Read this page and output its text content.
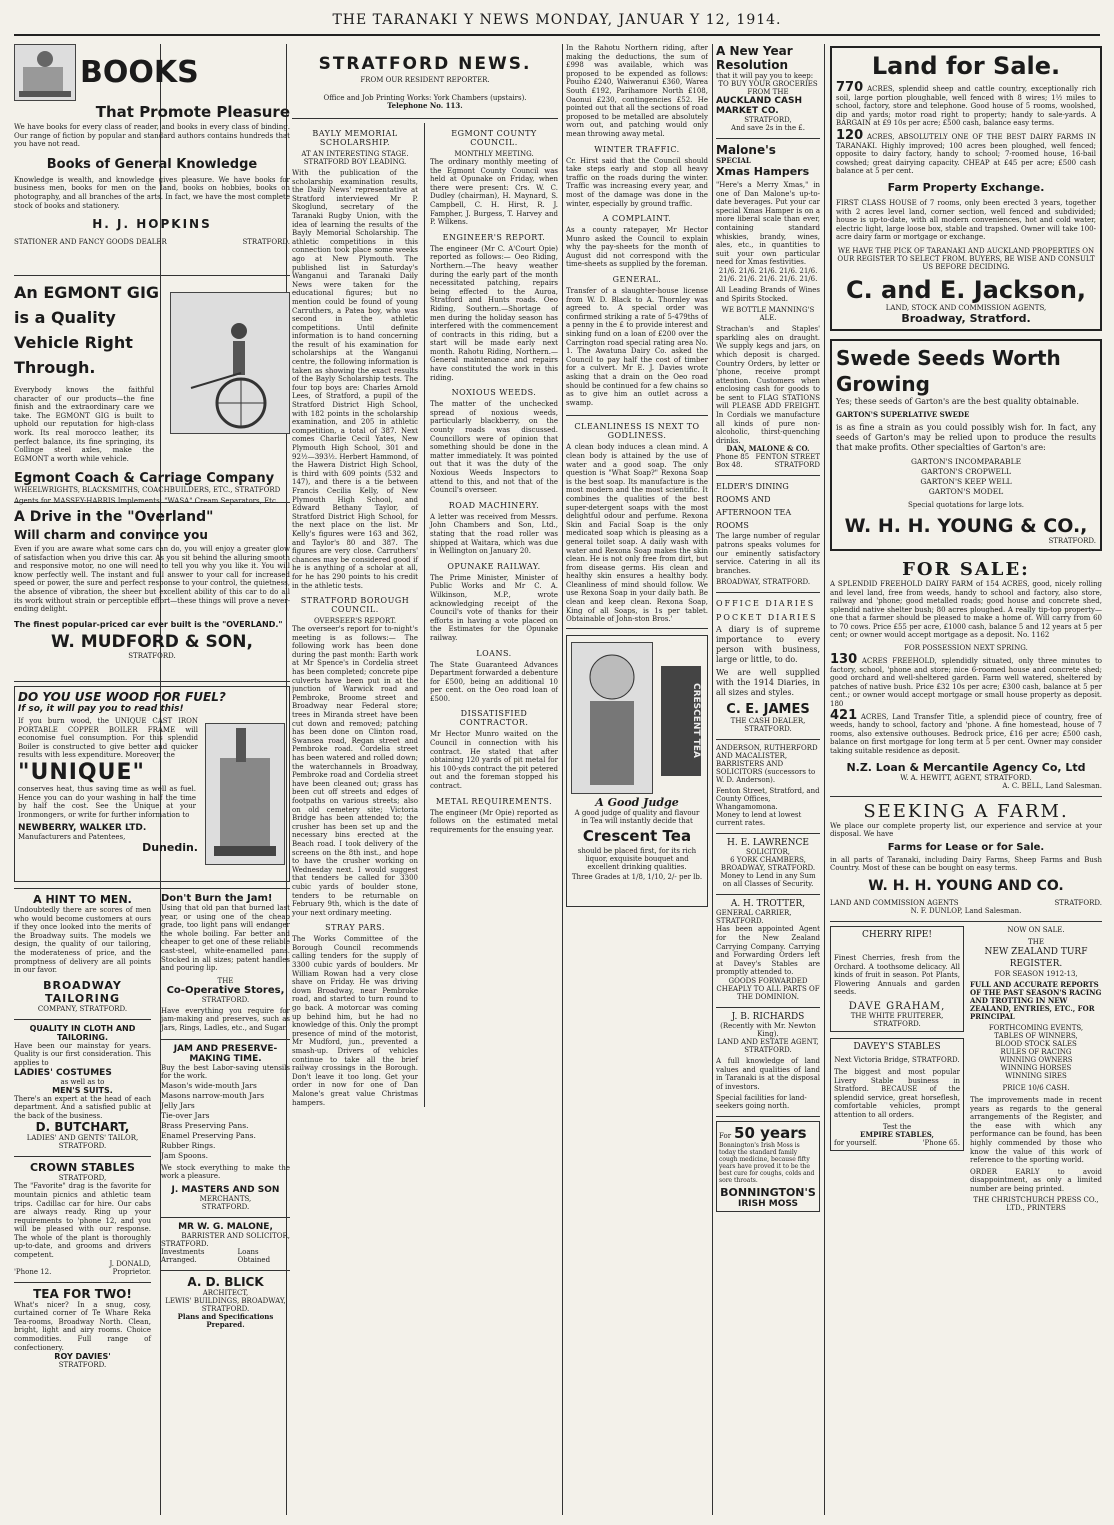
THE TARANAKI Y NEWS MONDAY, JANUAR Y 12, 1914.
BOOKS
That Promote Pleasure
We have books for every class of reader, and books in every class of binding. Our range of fiction by popular and standard authors contains hundreds that you have not read.
Books of General Knowledge
Knowledge is wealth, and knowledge gives pleasure. We have books for business men, books for men on the land, books on hobbies, books on photography, and all branches of the arts. In fact, we have the most complete stock of books and stationery.
H. J. HOPKINS
STATIONER AND FANCY GOODS DEALER	STRATFORD.
An EGMONT GIG is a Quality Vehicle Right Through.
Everybody knows the faithful character of our products—the fine finish and the extraordinary care we take. The EGMONT GIG is built to uphold our reputation for high-class work. Its real morocco leather, its perfect balance, its fine springing, its Collinge steel axles, make the EGMONT a worth while vehicle.
Egmont Coach & Carriage Company
WHEELWRIGHTS, BLACKSMITHS, COACHBUILDERS, ETC., STRATFORD
Agents for MASSEY-HARRIS Implements; "WASA" Cream Separators, Etc.
A Drive in the "Overland"
Will charm and convince you
Even if you are aware what some cars can do, you will enjoy a greater glow of satisfaction when you drive this car. As you sit behind the alluring smooth and responsive motor, no one will need to tell you why you like it. You will know perfectly well. The instant and full answer to your call for increased speed or power, the sure and perfect response to your control, the quietness, the absence of vibration, the sheer but excellent ability of this car to do all its work without strain or perceptible effort—these things will prove a never-ending delight.
The finest popular-priced car ever built is the "OVERLAND."
W. MUDFORD & SON,
STRATFORD.
DO YOU USE WOOD FOR FUEL?
If so, it will pay you to read this!
If you burn wood, the UNIQUE CAST IRON PORTABLE COPPER BOILER FRAME will economise fuel consumption. For this splendid Boiler is constructed to give better and quicker results with less expenditure. Moreover, the
"UNIQUE"
conserves heat, thus saving time as well as fuel. Hence you can do your washing in half the time by half the cost. See the Unique at your Ironmongers, or write for further information to
NEWBERRY, WALKER LTD.
Manufacturers and Patentees,
Dunedin.
A HINT TO MEN.
Undoubtedly there are scores of men who would become customers at ours if they once looked into the merits of the Broadway suits. The models we design, the quality of our tailoring, the moderateness of price, and the promptness of delivery are all points in our favor.
BROADWAY TAILORING
COMPANY, STRATFORD.
QUALITY IN CLOTH AND TAILORING.
Have been our mainstay for years. Quality is our first consideration. This applies to
LADIES' COSTUMES
as well as to
MEN'S SUITS.
There's an expert at the head of each department. And a satisfied public at the back of the business.
D. BUTCHART,
LADIES' AND GENTS' TAILOR, STRATFORD.
CROWN STABLES
STRATFORD,
The "Favorite" drag is the favorite for mountain picnics and athletic team trips. Cadillac car for hire. Our cabs are always ready. Ring up your requirements to 'phone 12, and you will be pleased with our response. The whole of the plant is thoroughly up-to-date, and grooms and drivers competent.
J. DONALD,
'Phone 12.	Proprietor.
TEA FOR TWO!
What's nicer? In a snug, cosy, curtained corner of Te Whare Reka Tea-rooms, Broadway North. Clean, bright, light and airy rooms. Choice commodities. Full range of confectionery.
ROY DAVIES'
STRATFORD.
Don't Burn the Jam!
Using that old pan that burned last year, or using one of the cheap grade, too light pans will endanger the whole boiling. Far better and cheaper to get one of these reliable cast-steel, white-enamelled pans. Stocked in all sizes; patent handles and pouring lip.
THE
Co-Operative Stores,
STRATFORD.
Have everything you require for jam-making and preserves, such as Jars, Rings, Ladles, etc., and Sugar.
JAM AND PRESERVE-MAKING TIME.
Buy the best Labor-saving utensils for the work.
Mason's wide-mouth Jars
Masons narrow-mouth Jars
Jelly Jars
Tie-over Jars
Brass Preserving Pans.
Enamel Preserving Pans.
Rubber Rings.
Jam Spoons.
We stock everything to make the work a pleasure.
J. MASTERS AND SON
MERCHANTS,
STRATFORD.
MR W. G. MALONE,
BARRISTER AND SOLICITOR,
STRATFORD.
Investments Arranged.
Loans Obtained
A. D. BLICK
ARCHITECT,
LEWIS' BUILDINGS, BROADWAY, STRATFORD.
Plans and Specifications Prepared.
STRATFORD NEWS.
FROM OUR RESIDENT REPORTER.
Office and Job Printing Works: York Chambers (upstairs).
Telephone No. 113.
BAYLY MEMORIAL SCHOLARSHIP.
AT AN INTERESTING STAGE.
STRATFORD BOY LEADING.
With the publication of the scholarship examination results, the Daily News' representative at Stratford interviewed Mr P. Skoglund, secretary of the Taranaki Rugby Union, with the idea of learning the results of the Bayly Memorial Scholarship. The athletic competitions in this connection took place some weeks ago at New Plymouth. The published list in Saturday's Wanganui and Taranaki Daily News were taken for the educational figures; but no mention could be found of young Carruthers, a Patea boy, who was second in the athletic competitions. Until definite information is to hand concerning the result of his examination for scholarships at the Wanganui centre, the following information is taken as showing the exact results of the Bayly Scholarship tests. The four top boys are: Charles Arnold Lees, of Stratford, a pupil of the Stratford District High School, with 182 points in the scholarship examination, and 205 in athletic competition, a total of 387. Next comes Charlie Cecil Yates, New Plymouth High School, 301 and 92½—393½. Herbert Hammond, of the Hawera District High School, is third with 609 points (532 and 147), and there is a tie between Francis Cecilia Kelly, of New Plymouth High School, and Edward Bethany Taylor, of Stratford District High School, for the next place on the list. Mr Kelly's figures were 163 and 362, and Taylor's 80 and 387. The figures are very close. Carruthers' chances may be considered good if he is anything of a scholar at all, for he has 290 points to his credit in the athletic tests.
STRATFORD BOROUGH COUNCIL.
OVERSEER'S REPORT.
The overseer's report for to-night's meeting is as follows:— The following work has been done during the past month: Earth work at Mr Spence's in Cordelia street has been completed; concrete pipe culverts have been put in at the junction of Warwick road and Pembroke, Broome street and Broadway near Federal store; trees in Miranda street have been cut down and removed; patching has been done on Clinton road, Swansea road, Regan street and Pembroke road. Cordelia street has been watered and rolled down; the waterchannels in Broadway, Pembroke road and Cordelia street have been cleaned out; grass has been cut off streets and edges of footpaths on various streets; also on old cemetery site; Victoria Bridge has been attended to; the crusher has been set up and the necessary bins erected at the Beach road. I took delivery of the screens on the 8th inst., and hope to have the crusher working on Wednesday next. I would suggest that tenders be called for 3300 cubic yards of boulder stone, tenders to be returnable on February 9th, which is the date of your next ordinary meeting.
STRAY PARS.
The Works Committee of the Borough Council recommends calling tenders for the supply of 3300 cubic yards of boulders. Mr William Rowan had a very close shave on Friday. He was driving down Broadway, near Pembroke road, and started to turn round to go back. A motorcar was coming up behind him, but he had no knowledge of this. Only the prompt presence of mind of the motorist, Mr Mudford, jun., prevented a smash-up. Drivers of vehicles continue to take all the brief railway crossings in the Borough. Don't leave it too long. Get your order in now for one of Dan Malone's great value Christmas hampers.
EGMONT COUNTY COUNCIL.
MONTHLY MEETING.
The ordinary monthly meeting of the Egmont County Council was held at Opunake on Friday, when there were present: Crs. W. C. Dudley (chairman), H. Maynard, S. Campbell, C. H. Hirst, R. J. Fampher, J. Burgess, T. Harvey and P. Wilkens.
ENGINEER'S REPORT.
The engineer (Mr C. A'Court Opie) reported as follows:— Oeo Riding, Northern.—The heavy weather during the early part of the month necessitated patching, repairs being effected to the Auroa, Stratford and Hunts roads. Oeo Riding, Southern.—Shortage of men during the holiday season has interfered with the commencement of contracts in this riding, but a start will be made early next month. Rahotu Riding, Northern.—General maintenance and repairs have constituted the work in this riding.
NOXIOUS WEEDS.
The matter of the unchecked spread of noxious weeds, particularly blackberry, on the county roads was discussed. Councillors were of opinion that something should be done in the matter immediately. It was pointed out that it was the duty of the Noxious Weeds Inspectors to attend to this, and not that of the Council's overseer.
ROAD MACHINERY.
A letter was received from Messrs. John Chambers and Son, Ltd., stating that the road roller was shipped at Waitara, which was due in Wellington on January 20.
OPUNAKE RAILWAY.
The Prime Minister, Minister of Public Works and Mr C. A. Wilkinson, M.P., wrote acknowledging receipt of the Council's vote of thanks for their efforts in having a vote placed on the Estimates for the Opunake railway.
LOANS.
The State Guaranteed Advances Department forwarded a debenture for £500, being an additional 10 per cent. on the Oeo road loan of £500.
DISSATISFIED CONTRACTOR.
Mr Hector Munro waited on the Council in connection with his contract. He stated that after obtaining 120 yards of pit metal for his 100-yds contract the pit petered out and the foreman stopped his contract.
METAL REQUIREMENTS.
The engineer (Mr Opie) reported as follows on the estimated metal requirements for the ensuing year.
In the Rahotu Northern riding, after making the deductions, the sum of £998 was available, which was proposed to be expended as follows: Pouiho £240, Waiweranui £360, Warea South £192, Parihamore North £108, Oaonui £230, contingencies £52. He pointed out that all the sections of road proposed to be metalled are absolutely worn out, and patching would only mean throwing away metal.
WINTER TRAFFIC.
Cr. Hirst said that the Council should take steps early and stop all heavy traffic on the roads during the winter. Traffic was increasing every year, and most of the damage was done in the winter, especially by ground traffic.
A COMPLAINT.
As a county ratepayer, Mr Hector Munro asked the Council to explain why the pay-sheets for the month of August did not correspond with the time-sheets as supplied by the foreman.
GENERAL.
Transfer of a slaughter-house license from W. D. Black to A. Thornley was agreed to. A special order was confirmed striking a rate of 5-479ths of a penny in the £ to provide interest and sinking fund on a loan of £200 over the Carrington road special rating area No. 1. The Awatuna Dairy Co. asked the Council to pay half the cost of timber for a culvert. Mr E. J. Davies wrote asking that a drain on the Oeo road should be continued for a few chains so as to give him an outlet across a swamp.
CLEANLINESS IS NEXT TO GODLINESS.
A clean body induces a clean mind. A clean body is attained by the use of water and a good soap. The only question is "What Soap?" Rexona Soap is the best soap. Its manufacture is the most modern and the most scientific. It combines the qualities of the best super-detergent soaps with the most delightful odour and perfume. Rexona Skin and Facial Soap is the only medicated soap which is pleasing as a general toilet soap. A daily wash with water and Rexona Soap makes the skin clean. He is not only free from dirt, but from disease germs. His clean and healthy skin ensures a healthy body. Cleanliness of mind should follow. We use Rexona Soap in your daily bath. Be clean and keep clean. Rexona Soap, King of all Soaps, is 1s per tablet. Obtainable of John-ston Bros.'
CRESCENT TEA
A Good Judge
A good judge of quality and flavour in Tea will instantly decide that
Crescent Tea
should be placed first, for its rich liquor, exquisite bouquet and excellent drinking qualities.
Three Grades at 1/8, 1/10, 2/- per lb.
A New Year Resolution
that it will pay you to keep:
TO BUY YOUR GROCERIES FROM THE
AUCKLAND CASH MARKET CO.
STRATFORD,
And save 2s in the £.
Malone's
SPECIAL
Xmas Hampers
"Here's a Merry Xmas," in one of Dan Malone's up-to-date beverages. Put your car special Xmas Hamper is on a more liberal scale than ever, containing standard whiskies, brandy, wines, ales, etc., in quantities to suit your own particular need for Xmas festivities.
21/6. 21/6. 21/6. 21/6. 21/6.
21/6. 21/6. 21/6. 21/6. 21/6.
All Leading Brands of Wines and Spirits Stocked.
WE BOTTLE MANNING'S ALE.
Strachan's and Staples' sparkling ales on draught. We supply kegs and jars, on which deposit is charged. Country Orders, by letter or 'phone, receive prompt attention. Customers when enclosing cash for goods to be sent to FLAG STATIONS will PLEASE ADD FREIGHT. In Cordials we manufacture all kinds of pure non-alcoholic, thirst-quenching drinks.
DAN, MALONE & CO.
Phone 85 FENTON STREET
Box 48.	STRATFORD
ELDER'S DINING ROOMS AND AFTERNOON TEA ROOMS
The large number of regular patrons speaks volumes for our eminently satisfactory service. Catering in all its branches.
BROADWAY, STRATFORD.
OFFICE DIARIES POCKET DIARIES
A diary is of supreme importance to every person with business, large or little, to do.
We are well supplied with the 1914 Diaries, in all sizes and styles.
C. E. JAMES
THE CASH DEALER,
STRATFORD.
ANDERSON, RUTHERFORD AND MACALISTER,
BARRISTERS AND SOLICITORS (successors to W. D. Anderson).
Fenton Street, Stratford, and County Offices, Whangamomona.
Money to lend at lowest current rates.
H. E. LAWRENCE
SOLICITOR,
6 YORK CHAMBERS, BROADWAY, STRATFORD.
Money to Lend in any Sum on all Classes of Security.
A. H. TROTTER,
GENERAL CARRIER, STRATFORD.
Has been appointed Agent for the New Zealand Carrying Company. Carrying and Forwarding Orders left at Davey's Stables are promptly attended to.
GOODS FORWARDED CHEAPLY TO ALL PARTS OF THE DOMINION.
J. B. RICHARDS
(Recently with Mr. Newton King).
LAND AND ESTATE AGENT, STRATFORD.
A full knowledge of land values and qualities of land in Taranaki is at the disposal of investors.
Special facilities for land-seekers going north.
For 50 years
Bonnington's Irish Moss is today the standard family cough medicine, because fifty years have proved it to be the best cure for coughs, colds and sore throats.
BONNINGTON'S
IRISH MOSS
Land for Sale.
770 ACRES, splendid sheep and cattle country, exceptionally rich soil, large portion ploughable, well fenced with 8 wires; 1½ miles to school, factory, store and telephone. Good house of 5 rooms, woolshed, dip and yards; motor road right to property; handy to sale-yards. A BARGAIN at £9 10s per acre; £500 cash, balance easy terms.
120 ACRES, ABSOLUTELY ONE OF THE BEST DAIRY FARMS IN TARANAKI. Highly improved; 100 acres been ploughed, well fenced; opposite to dairy factory, handy to school; 7-roomed house, 16-bail cowshed; great dairying capacity. CHEAP at £45 per acre; £500 cash balance at 5 per cent.
Farm Property Exchange.
FIRST CLASS HOUSE of 7 rooms, only been erected 3 years, together with 2 acres level land, corner section, well fenced and subdivided; house is up-to-date, with all modern conveniences, hot and cold water, electric light, large loose box, stable and trapshed. Owner will take 100-acre dairy farm or mortgage or exchange.
WE HAVE THE PICK OF TARANAKI AND AUCKLAND PROPERTIES ON OUR REGISTER TO SELECT FROM. BUYERS, BE WISE AND CONSULT US BEFORE DECIDING.
C. and E. Jackson,
LAND, STOCK AND COMMISSION AGENTS,
Broadway, Stratford.
Swede Seeds Worth Growing
Yes; these seeds of Garton's are the best quality obtainable.
GARTON'S SUPERLATIVE SWEDE
is as fine a strain as you could possibly wish for. In fact, any seeds of Garton's may be relied upon to produce the results that make profits. Other specialties of Garton's are:
GARTON'S INCOMPARABLE
GARTON'S CROPWELL
GARTON'S KEEP WELL
GARTON'S MODEL
Special quotations for large lots.
W. H. H. YOUNG & CO.,
STRATFORD.
FOR SALE:
A SPLENDID FREEHOLD DAIRY FARM of 154 ACRES, good, nicely rolling and level land, free from weeds, handy to school and factory, also store, railway and 'phone; good metalled roads; good house and concrete shed, splendid native shelter bush; 80 acres ploughed. A really tip-top property—one that a farmer should be pleased to make a home of. Will carry from 60 to 70 cows. Price £55 per acre, £1000 cash, balance 5 and 12 years at 5 per cent; or owner would accept mortgage as a deposit. No. 1162
FOR POSSESSION NEXT SPRING.
130 ACRES FREEHOLD, splendidly situated, only three minutes to factory, school, 'phone and store; nice 6-roomed house and concrete shed; good orchard and well-sheltered garden. Farm well watered, sheltered by patches of native bush. Price £32 10s per acre; £300 cash, balance at 5 per cent.; or owner would accept mortgage or small house property as deposit. 180
421 ACRES, Land Transfer Title, a splendid piece of country, free of weeds, handy to school, factory and 'phone. A fine homestead, house of 7 rooms, also extensive outhouses. Bedrock price, £16 per acre; £500 cash, balance on first mortgage for long term at 5 per cent. Owner may consider taking suitable residence as deposit.
N.Z. Loan & Mercantile Agency Co, Ltd
W. A. HEWITT, AGENT, STRATFORD.
A. C. BELL, Land Salesman.
SEEKING A FARM.
We place our complete property list, our experience and service at your disposal. We have
Farms for Lease or for Sale.
in all parts of Taranaki, including Dairy Farms, Sheep Farms and Bush Country. Most of these can be bought on easy terms.
W. H. H. YOUNG AND CO.
LAND AND COMMISSION AGENTS	STRATFORD.
N. F. DUNLOP, Land Salesman.
CHERRY RIPE!
Finest Cherries, fresh from the Orchard. A toothsome delicacy. All kinds of fruit in season. Pot Plants, Flowering Annuals and garden seeds.
DAVE GRAHAM,
THE WHITE FRUITERER,
STRATFORD.
DAVEY'S STABLES
Next Victoria Bridge, STRATFORD.
The biggest and most popular Livery Stable business in Stratford. BECAUSE of the splendid service, great horseflesh, comfortable vehicles, prompt attention to all orders.
Test the
EMPIRE STABLES,
for yourself.	'Phone 65.
NOW ON SALE.
THE
NEW ZEALAND TURF REGISTER.
FOR SEASON 1912-13,
FULL AND ACCURATE REPORTS OF THE PAST SEASON'S RACING AND TROTTING IN NEW ZEALAND, ENTRIES, ETC., FOR PRINCIPAL
FORTHCOMING EVENTS,
TABLES OF WINNERS,
BLOOD STOCK SALES
RULES OF RACING
WINNING OWNERS
WINNING HORSES
WINNING SIRES
PRICE 10/6 CASH.
The improvements made in recent years as regards to the general arrangements of the Register, and the ease with which any performance can be found, has been highly commended by those who know the value of this work of reference to the sporting world.
ORDER EARLY to avoid disappointment, as only a limited number are being printed.
THE CHRISTCHURCH PRESS CO., LTD., PRINTERS
